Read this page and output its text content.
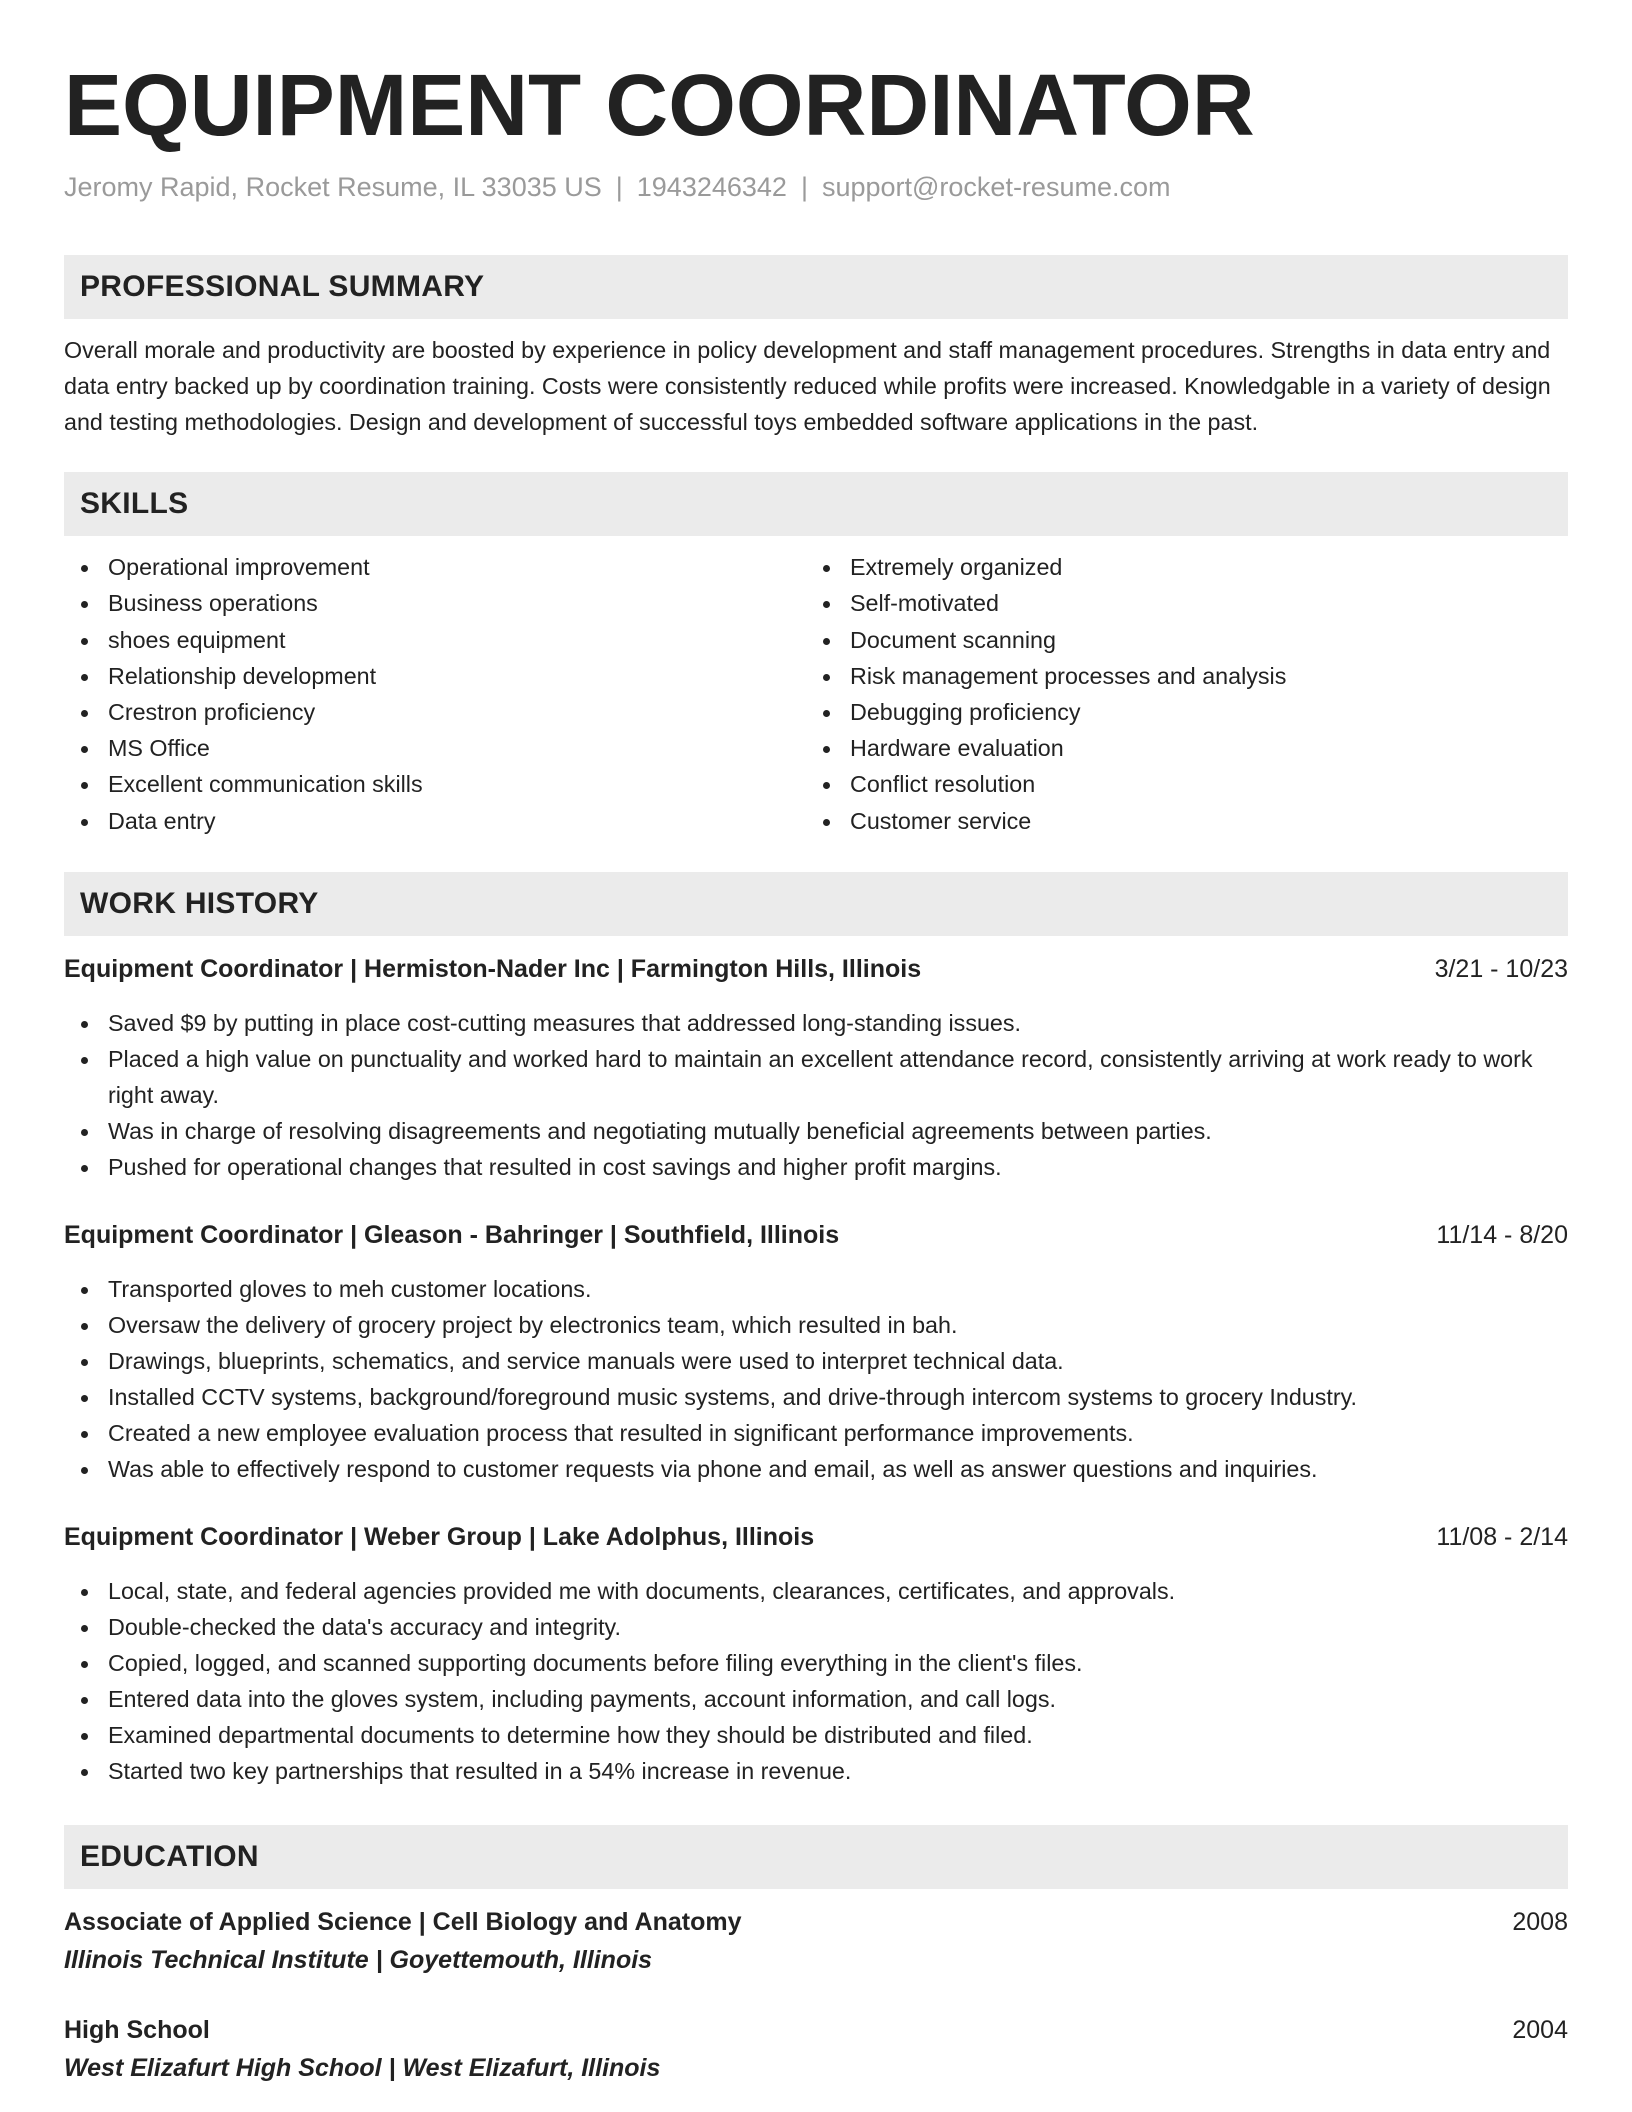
EQUIPMENT COORDINATOR
Jeromy Rapid, Rocket Resume, IL 33035 US | 1943246342 | support@rocket-resume.com
PROFESSIONAL SUMMARY

Overall morale and productivity are boosted by experience in policy development and staff management procedures. Strengths in data entry and data entry backed up by coordination training. Costs were consistently reduced while profits were increased. Knowledgable in a variety of design and testing methodologies. Design and development of successful toys embedded software applications in the past.

SKILLS
Operational improvement
Business operations
shoes equipment
Relationship development
Crestron proficiency
MS Office
Excellent communication skills
Data entry
Extremely organized
Self-motivated
Document scanning
Risk management processes and analysis
Debugging proficiency
Hardware evaluation
Conflict resolution
Customer service
WORK HISTORY
Equipment Coordinator | Hermiston-Nader Inc | Farmington Hills, Illinois	3/21 - 10/23
Saved $9 by putting in place cost-cutting measures that addressed long-standing issues.
Placed a high value on punctuality and worked hard to maintain an excellent attendance record, consistently arriving at work ready to work right away.
Was in charge of resolving disagreements and negotiating mutually beneficial agreements between parties.
Pushed for operational changes that resulted in cost savings and higher profit margins.
Equipment Coordinator | Gleason - Bahringer | Southfield, Illinois	11/14 - 8/20
Transported gloves to meh customer locations.
Oversaw the delivery of grocery project by electronics team, which resulted in bah.
Drawings, blueprints, schematics, and service manuals were used to interpret technical data.
Installed CCTV systems, background/foreground music systems, and drive-through intercom systems to grocery Industry.
Created a new employee evaluation process that resulted in significant performance improvements.
Was able to effectively respond to customer requests via phone and email, as well as answer questions and inquiries.
Equipment Coordinator | Weber Group | Lake Adolphus, Illinois	11/08 - 2/14
Local, state, and federal agencies provided me with documents, clearances, certificates, and approvals.
Double-checked the data's accuracy and integrity.
Copied, logged, and scanned supporting documents before filing everything in the client's files.
Entered data into the gloves system, including payments, account information, and call logs.
Examined departmental documents to determine how they should be distributed and filed.
Started two key partnerships that resulted in a 54% increase in revenue.
EDUCATION
Associate of Applied Science | Cell Biology and Anatomy	2008
Illinois Technical Institute | Goyettemouth, Illinois
High School	2004
West Elizafurt High School | West Elizafurt, Illinois
